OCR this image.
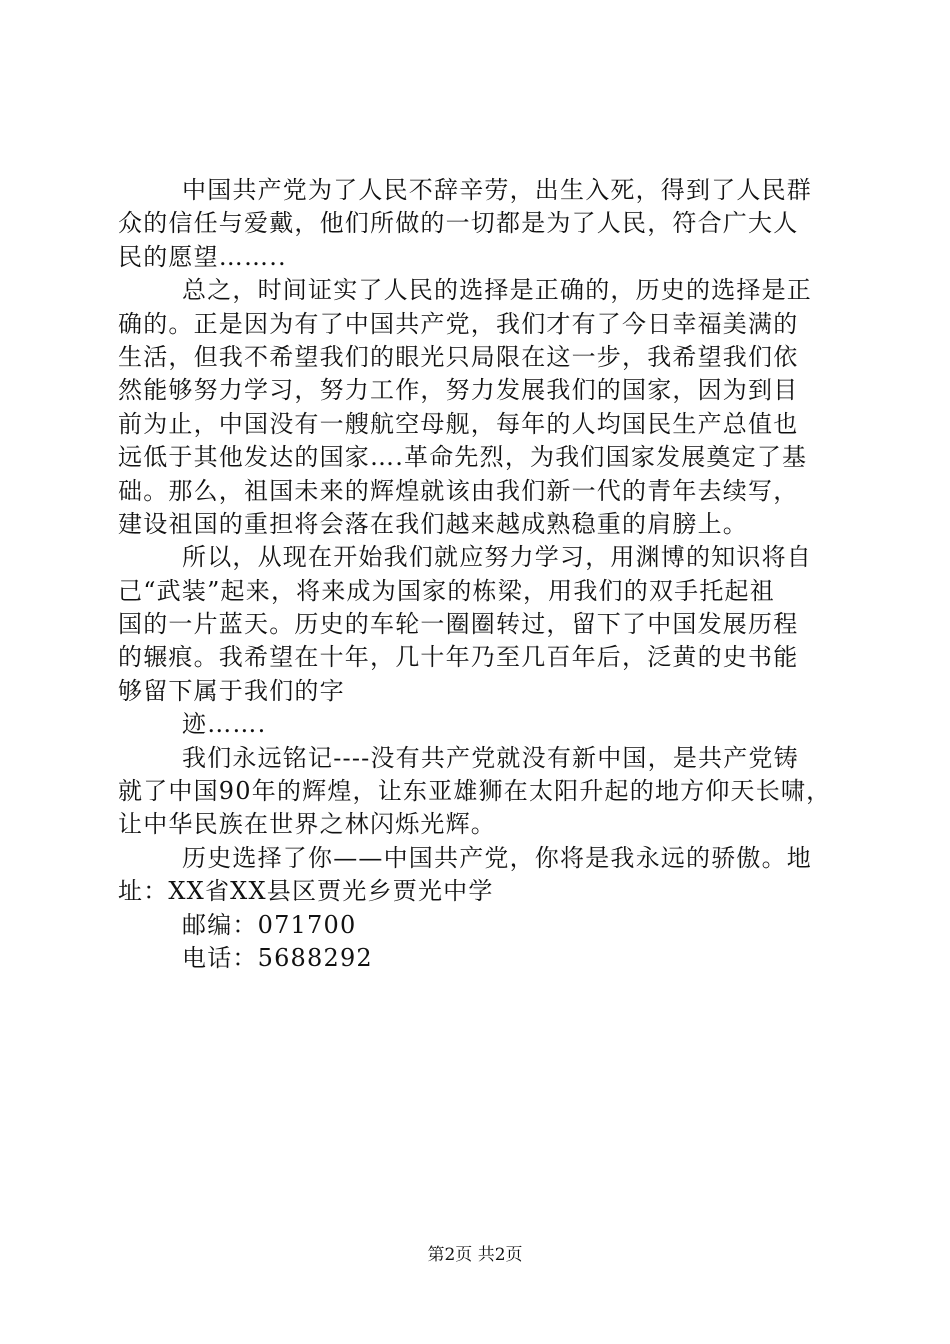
中国共产党为了人民不辞辛劳，出生入死，得到了人民群
众的信任与爱戴，他们所做的一切都是为了人民，符合广大人
民的愿望……..
总之，时间证实了人民的选择是正确的，历史的选择是正
确的。正是因为有了中国共产党，我们才有了今日幸福美满的
生活，但我不希望我们的眼光只局限在这一步，我希望我们依
然能够努力学习，努力工作，努力发展我们的国家，因为到目
前为止，中国没有一艘航空母舰，每年的人均国民生产总值也
远低于其他发达的国家….革命先烈，为我们国家发展奠定了基
础。那么，祖国未来的辉煌就该由我们新一代的青年去续写，
建设祖国的重担将会落在我们越来越成熟稳重的肩膀上。
所以，从现在开始我们就应努力学习，用渊博的知识将自
己“武装”起来，将来成为国家的栋梁，用我们的双手托起祖
国的一片蓝天。历史的车轮一圈圈转过，留下了中国发展历程
的辗痕。我希望在十年，几十年乃至几百年后，泛黄的史书能
够留下属于我们的字
迹…….
我们永远铭记----没有共产党就没有新中国，是共产党铸
就了中国90年的辉煌，让东亚雄狮在太阳升起的地方仰天长啸，
让中华民族在世界之林闪烁光辉。
历史选择了你——中国共产党，你将是我永远的骄傲。地
址：XX省XX县区贾光乡贾光中学
邮编：071700
电话：5688292
第2页 共2页
